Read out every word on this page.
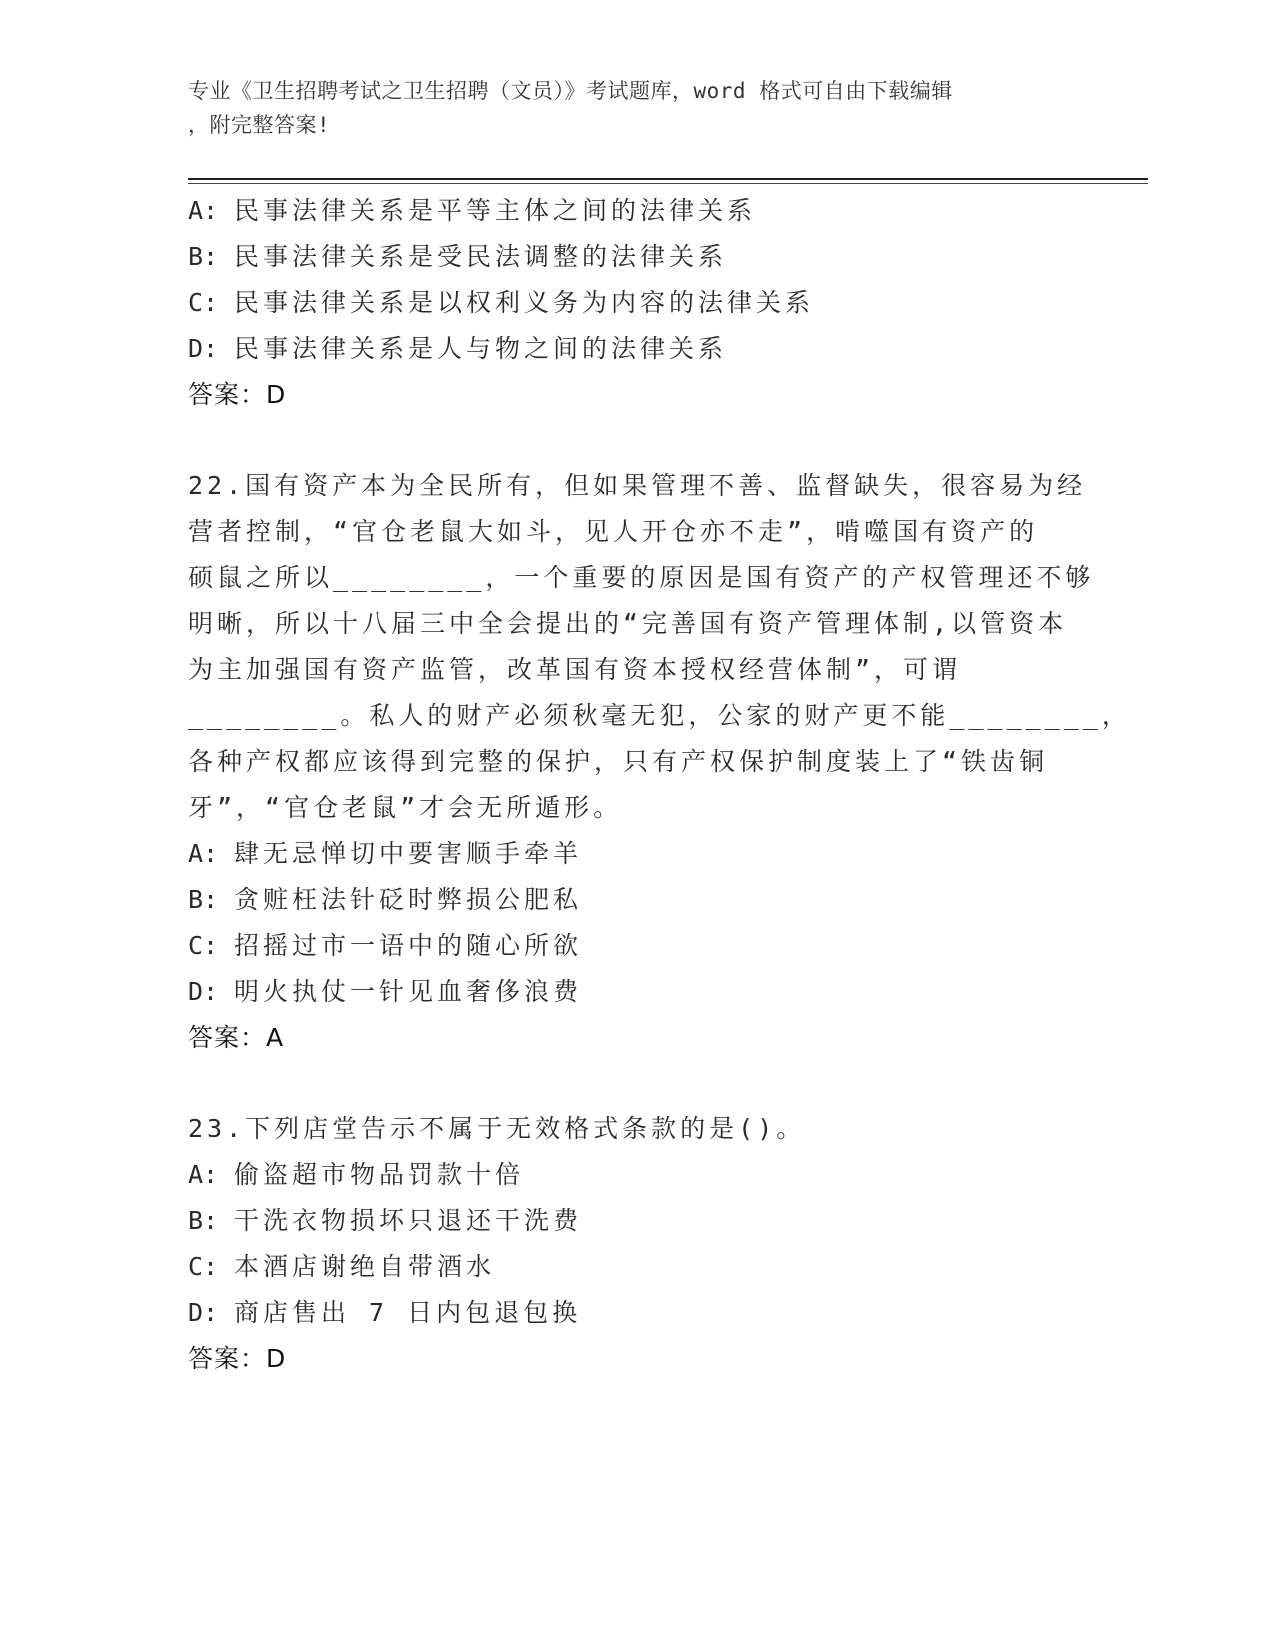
专业《卫生招聘考试之卫生招聘（文员）》考试题库，word 格式可自由下载编辑
，附完整答案!
A: 民事法律关系是平等主体之间的法律关系
B: 民事法律关系是受民法调整的法律关系
C: 民事法律关系是以权利义务为内容的法律关系
D: 民事法律关系是人与物之间的法律关系
答案：D
22.国有资产本为全民所有，但如果管理不善、监督缺失，很容易为经
营者控制，“官仓老鼠大如斗，见人开仓亦不走”，啃噬国有资产的
硕鼠之所以________，一个重要的原因是国有资产的产权管理还不够
明晰，所以十八届三中全会提出的“完善国有资产管理体制,以管资本
为主加强国有资产监管，改革国有资本授权经营体制”，可谓
________。私人的财产必须秋毫无犯，公家的财产更不能________，
各种产权都应该得到完整的保护，只有产权保护制度装上了“铁齿铜
牙”，“官仓老鼠”才会无所遁形。
A: 肆无忌惮切中要害顺手牵羊
B: 贪赃枉法针砭时弊损公肥私
C: 招摇过市一语中的随心所欲
D: 明火执仗一针见血奢侈浪费
答案：A
23.下列店堂告示不属于无效格式条款的是()。
A: 偷盗超市物品罚款十倍
B: 干洗衣物损坏只退还干洗费
C: 本酒店谢绝自带酒水
D: 商店售出 7 日内包退包换
答案：D
